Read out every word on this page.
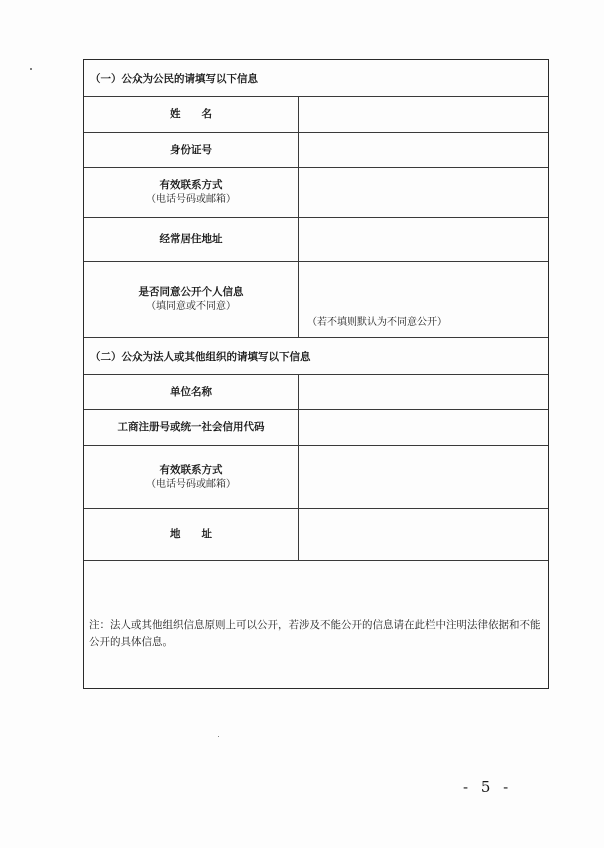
（一）公众为公民的请填写以下信息
姓　　名
身份证号
有效联系方式
（电话号码或邮箱）
经常居住地址
是否同意公开个人信息
（填同意或不同意）
（若不填则默认为不同意公开）
（二）公众为法人或其他组织的请填写以下信息
单位名称
工商注册号或统一社会信用代码
有效联系方式
（电话号码或邮箱）
地　　址
注：法人或其他组织信息原则上可以公开，若涉及不能公开的信息请在此栏中注明法律依据和不能公开的具体信息。
- 5 -
